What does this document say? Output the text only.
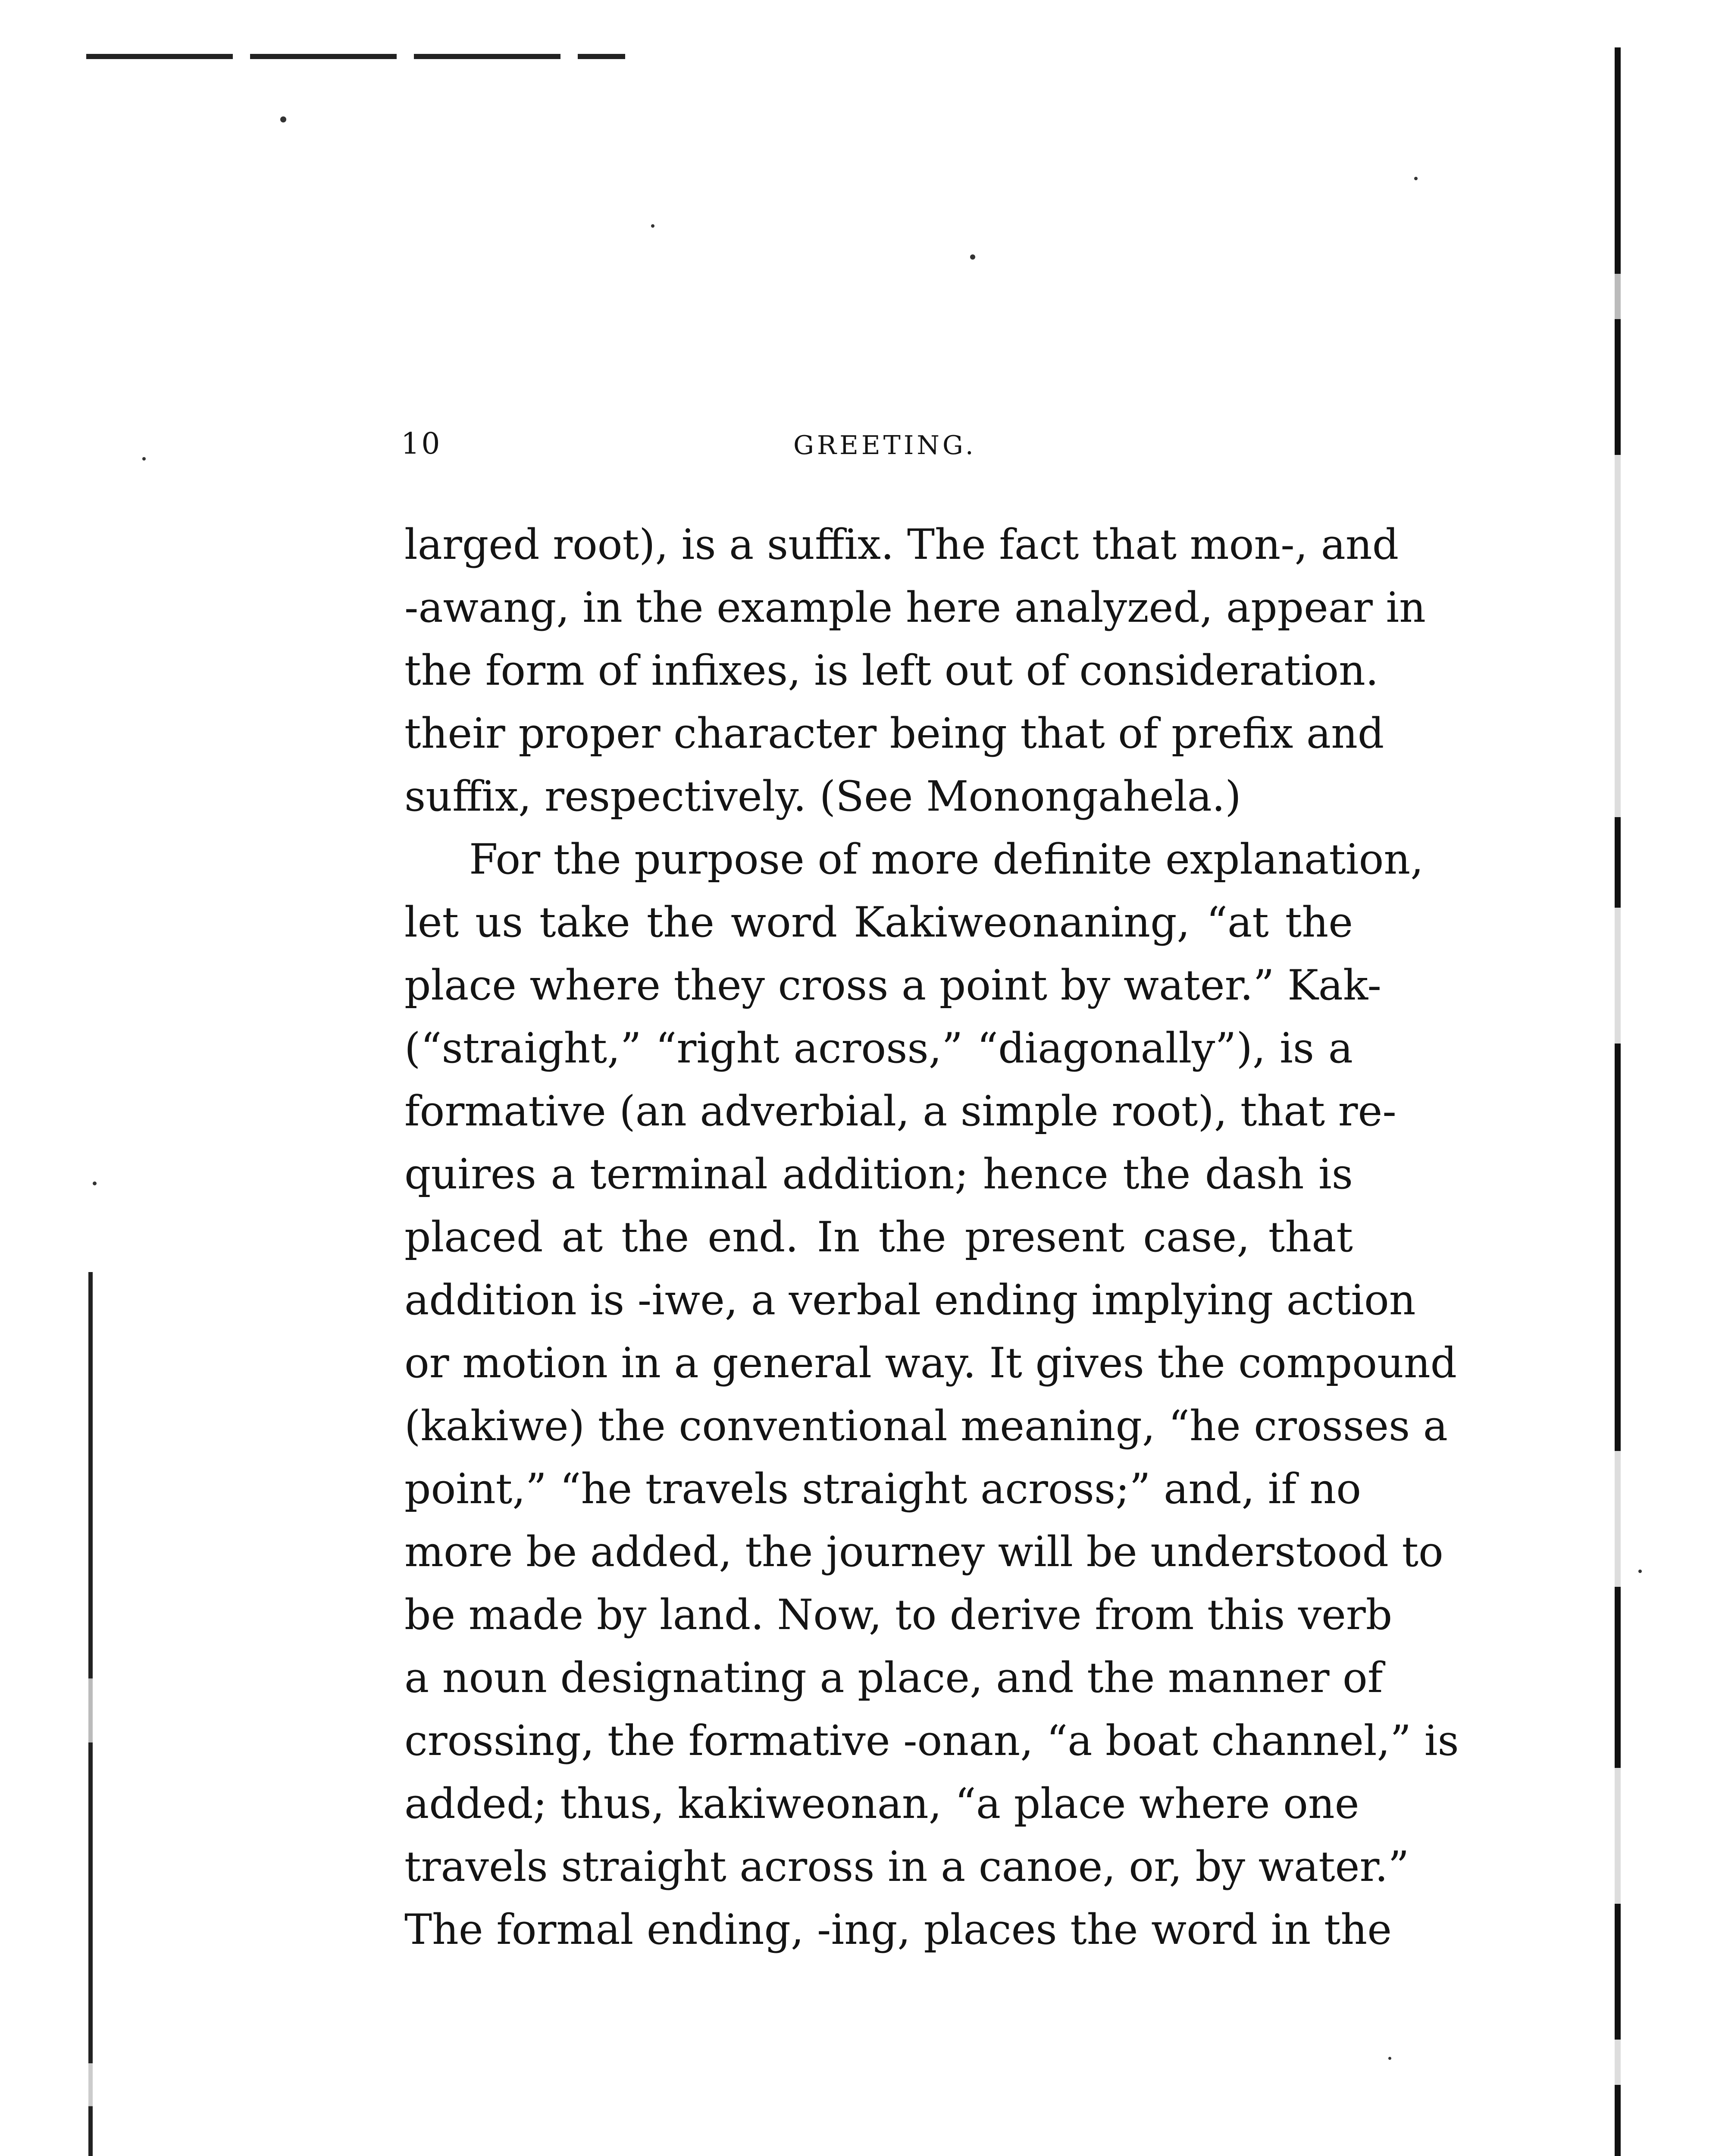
10	GREETING.
larged root), is a suffix. The fact that mon-, and
-awang, in the example here analyzed, appear in
the form of infixes, is left out of consideration.
their proper character being that of prefix and
suffix, respectively. (See Monongahela.)
For the purpose of more definite explanation,
let us take the word Kakiweonaning, “at the
place where they cross a point by water.” Kak-
(“straight,” “right across,” “diagonally”), is a
formative (an adverbial, a simple root), that re-
quires a terminal addition; hence the dash is
placed at the end. In the present case, that
addition is -iwe, a verbal ending implying action
or motion in a general way. It gives the compound
(kakiwe) the conventional meaning, “he crosses a
point,” “he travels straight across;” and, if no
more be added, the journey will be understood to
be made by land. Now, to derive from this verb
a noun designating a place, and the manner of
crossing, the formative -onan, “a boat channel,” is
added; thus, kakiweonan, “a place where one
travels straight across in a canoe, or, by water.”
The formal ending, -ing, places the word in the
